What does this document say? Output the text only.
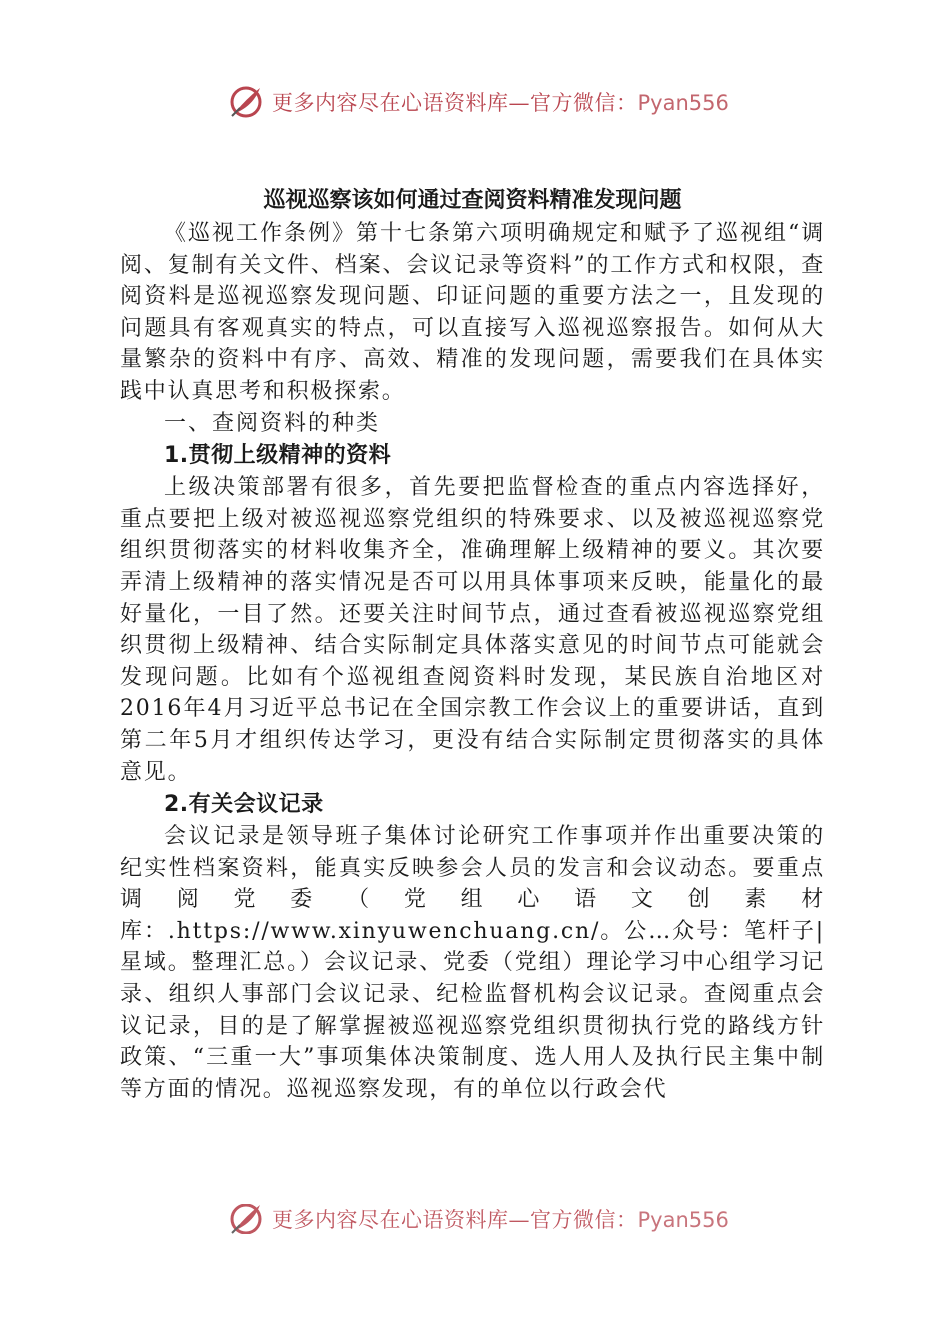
更多内容尽在心语资料库—官方微信：Pyan556
巡视巡察该如何通过查阅资料精准发现问题

《巡视工作条例》第十七条第六项明确规定和赋予了巡视组“调阅、复制有关文件、档案、会议记录等资料”的工作方式和权限，查阅资料是巡视巡察发现问题、印证问题的重要方法之一，且发现的问题具有客观真实的特点，可以直接写入巡视巡察报告。如何从大量繁杂的资料中有序、高效、精准的发现问题，需要我们在具体实践中认真思考和积极探索。

一、查阅资料的种类

1.贯彻上级精神的资料

上级决策部署有很多，首先要把监督检查的重点内容选择好，重点要把上级对被巡视巡察党组织的特殊要求、以及被巡视巡察党组织贯彻落实的材料收集齐全，准确理解上级精神的要义。其次要弄清上级精神的落实情况是否可以用具体事项来反映，能量化的最好量化，一目了然。还要关注时间节点，通过查看被巡视巡察党组织贯彻上级精神、结合实际制定具体落实意见的时间节点可能就会发现问题。比如有个巡视组查阅资料时发现，某民族自治地区对2016年4月习近平总书记在全国宗教工作会议上的重要讲话，直到第二年5月才组织传达学习，更没有结合实际制定贯彻落实的具体意见。

2.有关会议记录

会议记录是领导班子集体讨论研究工作事项并作出重要决策的纪实性档案资料，能真实反映参会人员的发言和会议动态。要重点调阅党委（党组心语文创素材库：.https://www.xinyuwenchuang.cn/。公…众号：笔杆子|星域。整理汇总。）会议记录、党委（党组）理论学习中心组学习记录、组织人事部门会议记录、纪检监督机构会议记录。查阅重点会议记录，目的是了解掌握被巡视巡察党组织贯彻执行党的路线方针政策、“三重一大”事项集体决策制度、选人用人及执行民主集中制等方面的情况。巡视巡察发现，有的单位以行政会代

更多内容尽在心语资料库—官方微信：Pyan556
